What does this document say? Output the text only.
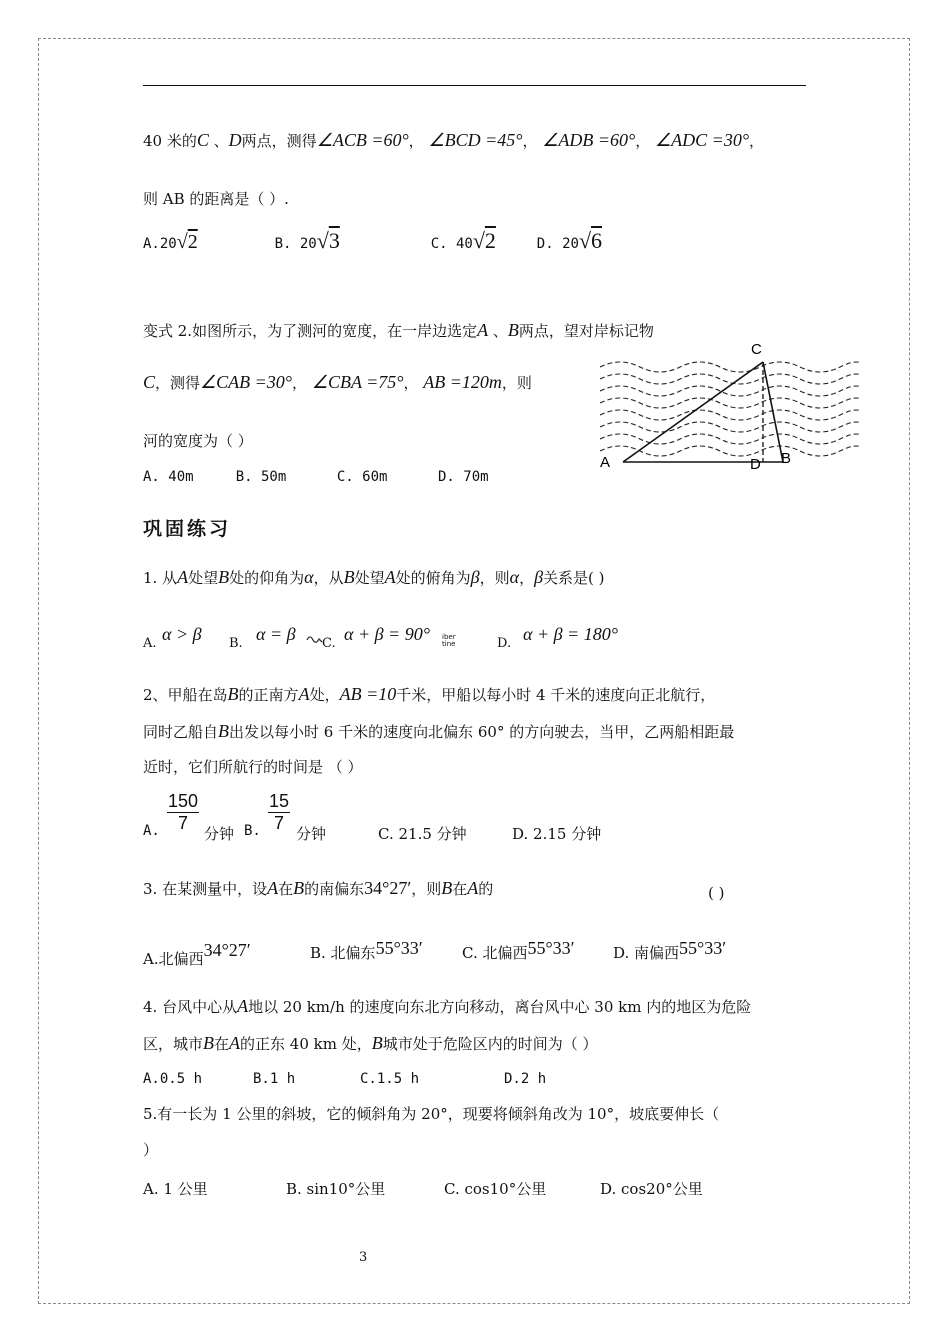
40 米的C 、D两点，测得∠ACB =60°， ∠BCD =45°， ∠ADB =60°， ∠ADC =30°，
则 AB 的距离是（ ）.
A.20√2	B. 20√3	C. 40√2	D. 20√6
变式 2.如图所示，为了测河的宽度，在一岸边选定A 、B两点，望对岸标记物
C，测得∠CAB =30°， ∠CBA =75°， AB =120m，则
河的宽度为（ ）
A. 40m     B. 50m      C. 60m      D. 70m
C
A	D B
巩固练习
1. 从A处望B处的仰角为α，从B处望A处的俯角为β，则α，β关系是( )
A. α > β B. α = β C. α + β = 90° iber
tine	D. α + β = 180°
2、甲船在岛B的正南方A处，AB =10千米，甲船以每小时 4 千米的速度向正北航行，
同时乙船自B出发以每小时 6 千米的速度向北偏东 60° 的方向驶去，当甲，乙两船相距最
近时，它们所航行的时间是 （ ）
A. $\frac{150}{7}$ 分钟 B. $\frac{15}{7}$ 分钟	C. 21.5 分钟	D. 2.15 分钟
3. 在某测量中，设A在B的南偏东34°27′，则B在A的	( )
A.北偏西34°27′	B. 北偏东55°33′	C. 北偏西55°33′	D. 南偏西55°33′
4. 台风中心从A地以 20 km/h 的速度向东北方向移动，离台风中心 30 km 内的地区为危险
区，城市B在A的正东 40 km 处，B城市处于危险区内的时间为（ ）
A.0.5 h	B.1 h	C.1.5 h	D.2 h
5.有一长为 1 公里的斜坡，它的倾斜角为 20°，现要将倾斜角改为 10°，坡底要伸长（
）
A. 1 公里	B. sin10°公里	C. cos10°公里	D. cos20°公里
3
